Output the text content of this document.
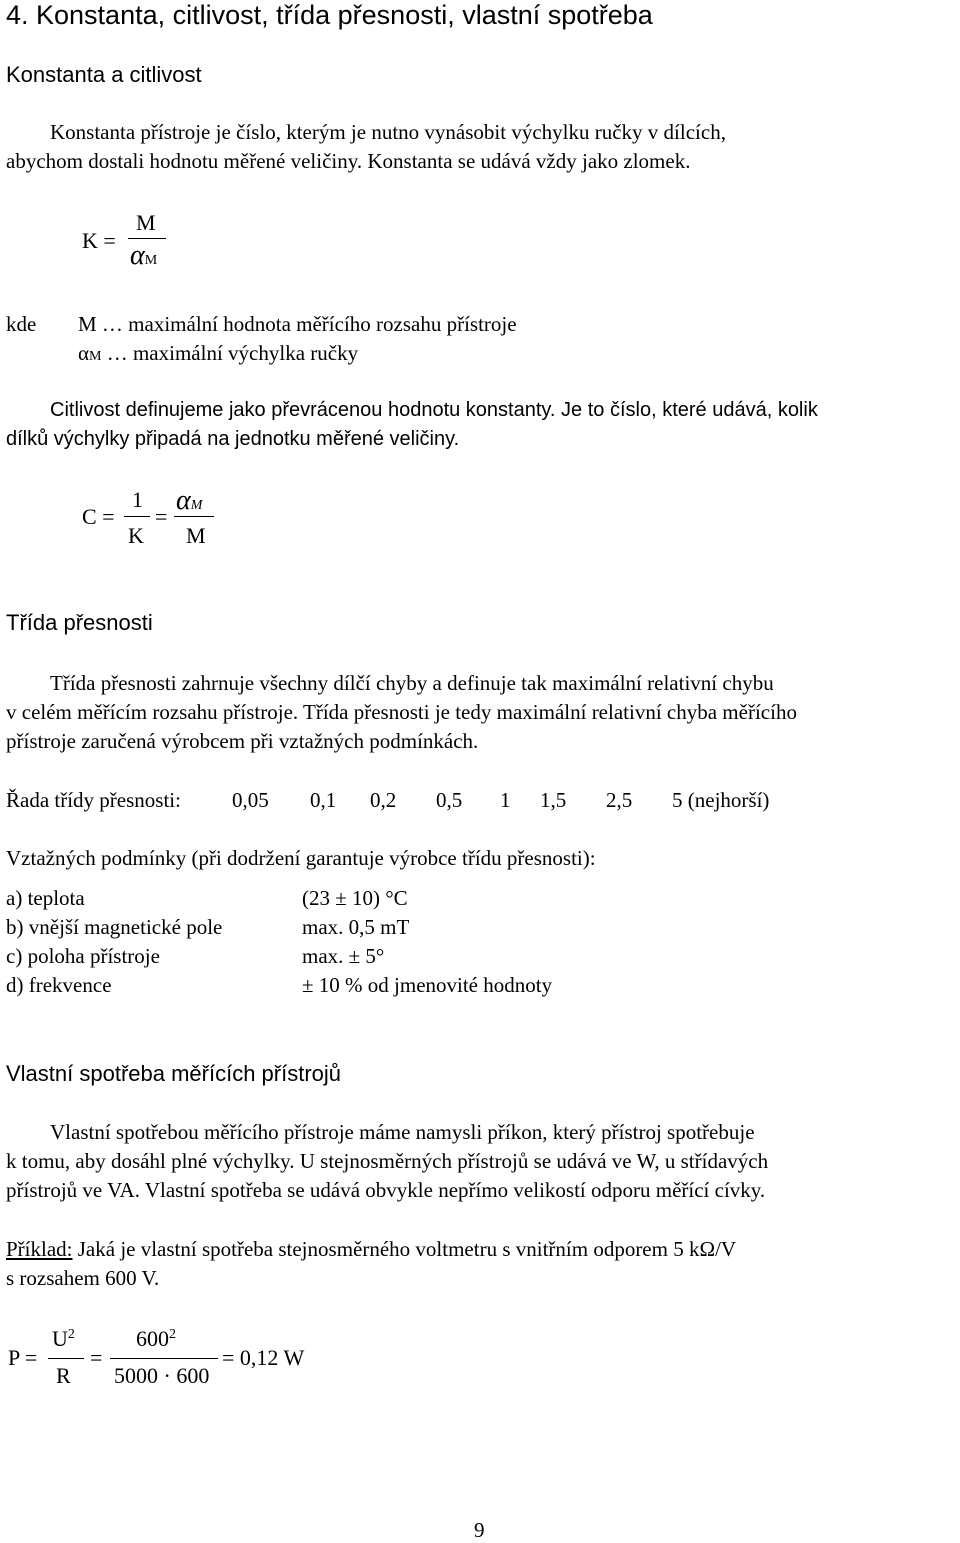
4. Konstanta, citlivost, třída přesnosti, vlastní spotřeba
Konstanta a citlivost
Konstanta přístroje je číslo, kterým je nutno vynásobit výchylku ručky v dílcích,
abychom dostali hodnotu měřené veličiny. Konstanta se udává vždy jako zlomek.
K =
M
αM
kde M … maximální hodnota měřícího rozsahu přístroje
αM … maximální výchylka ručky
Citlivost definujeme jako převrácenou hodnotu konstanty. Je to číslo, které udává, kolik
dílků výchylky připadá na jednotku měřené veličiny.
C =
1
K
=
αM
M
Třída přesnosti
Třída přesnosti zahrnuje všechny dílčí chyby a definuje tak maximální relativní chybu
v celém měřícím rozsahu přístroje. Třída přesnosti je tedy maximální relativní chyba měřícího
přístroje zaručená výrobcem při vztažných podmínkách.
Řada třídy přesnosti: 0,05 0,1 0,2 0,5 1 1,5 2,5 5 (nejhorší)
Vztažných podmínky (při dodržení garantuje výrobce třídu přesnosti):
a) teplota	(23 ± 10) °C
b) vnější magnetické pole	max. 0,5 mT
c) poloha přístroje	max. ± 5°
d) frekvence	± 10 % od jmenovité hodnoty
Vlastní spotřeba měřících přístrojů
Vlastní spotřebou měřícího přístroje máme namysli příkon, který přístroj spotřebuje
k tomu, aby dosáhl plné výchylky. U stejnosměrných přístrojů se udává ve W, u střídavých
přístrojů ve VA. Vlastní spotřeba se udává obvykle nepřímo velikostí odporu měřící cívky.
Příklad: Jaká je vlastní spotřeba stejnosměrného voltmetru s vnitřním odporem 5 kΩ/V
s rozsahem 600 V.
P =
$U^2$
R
=
$600^2$
5000 · 600
= 0,12 W
9
